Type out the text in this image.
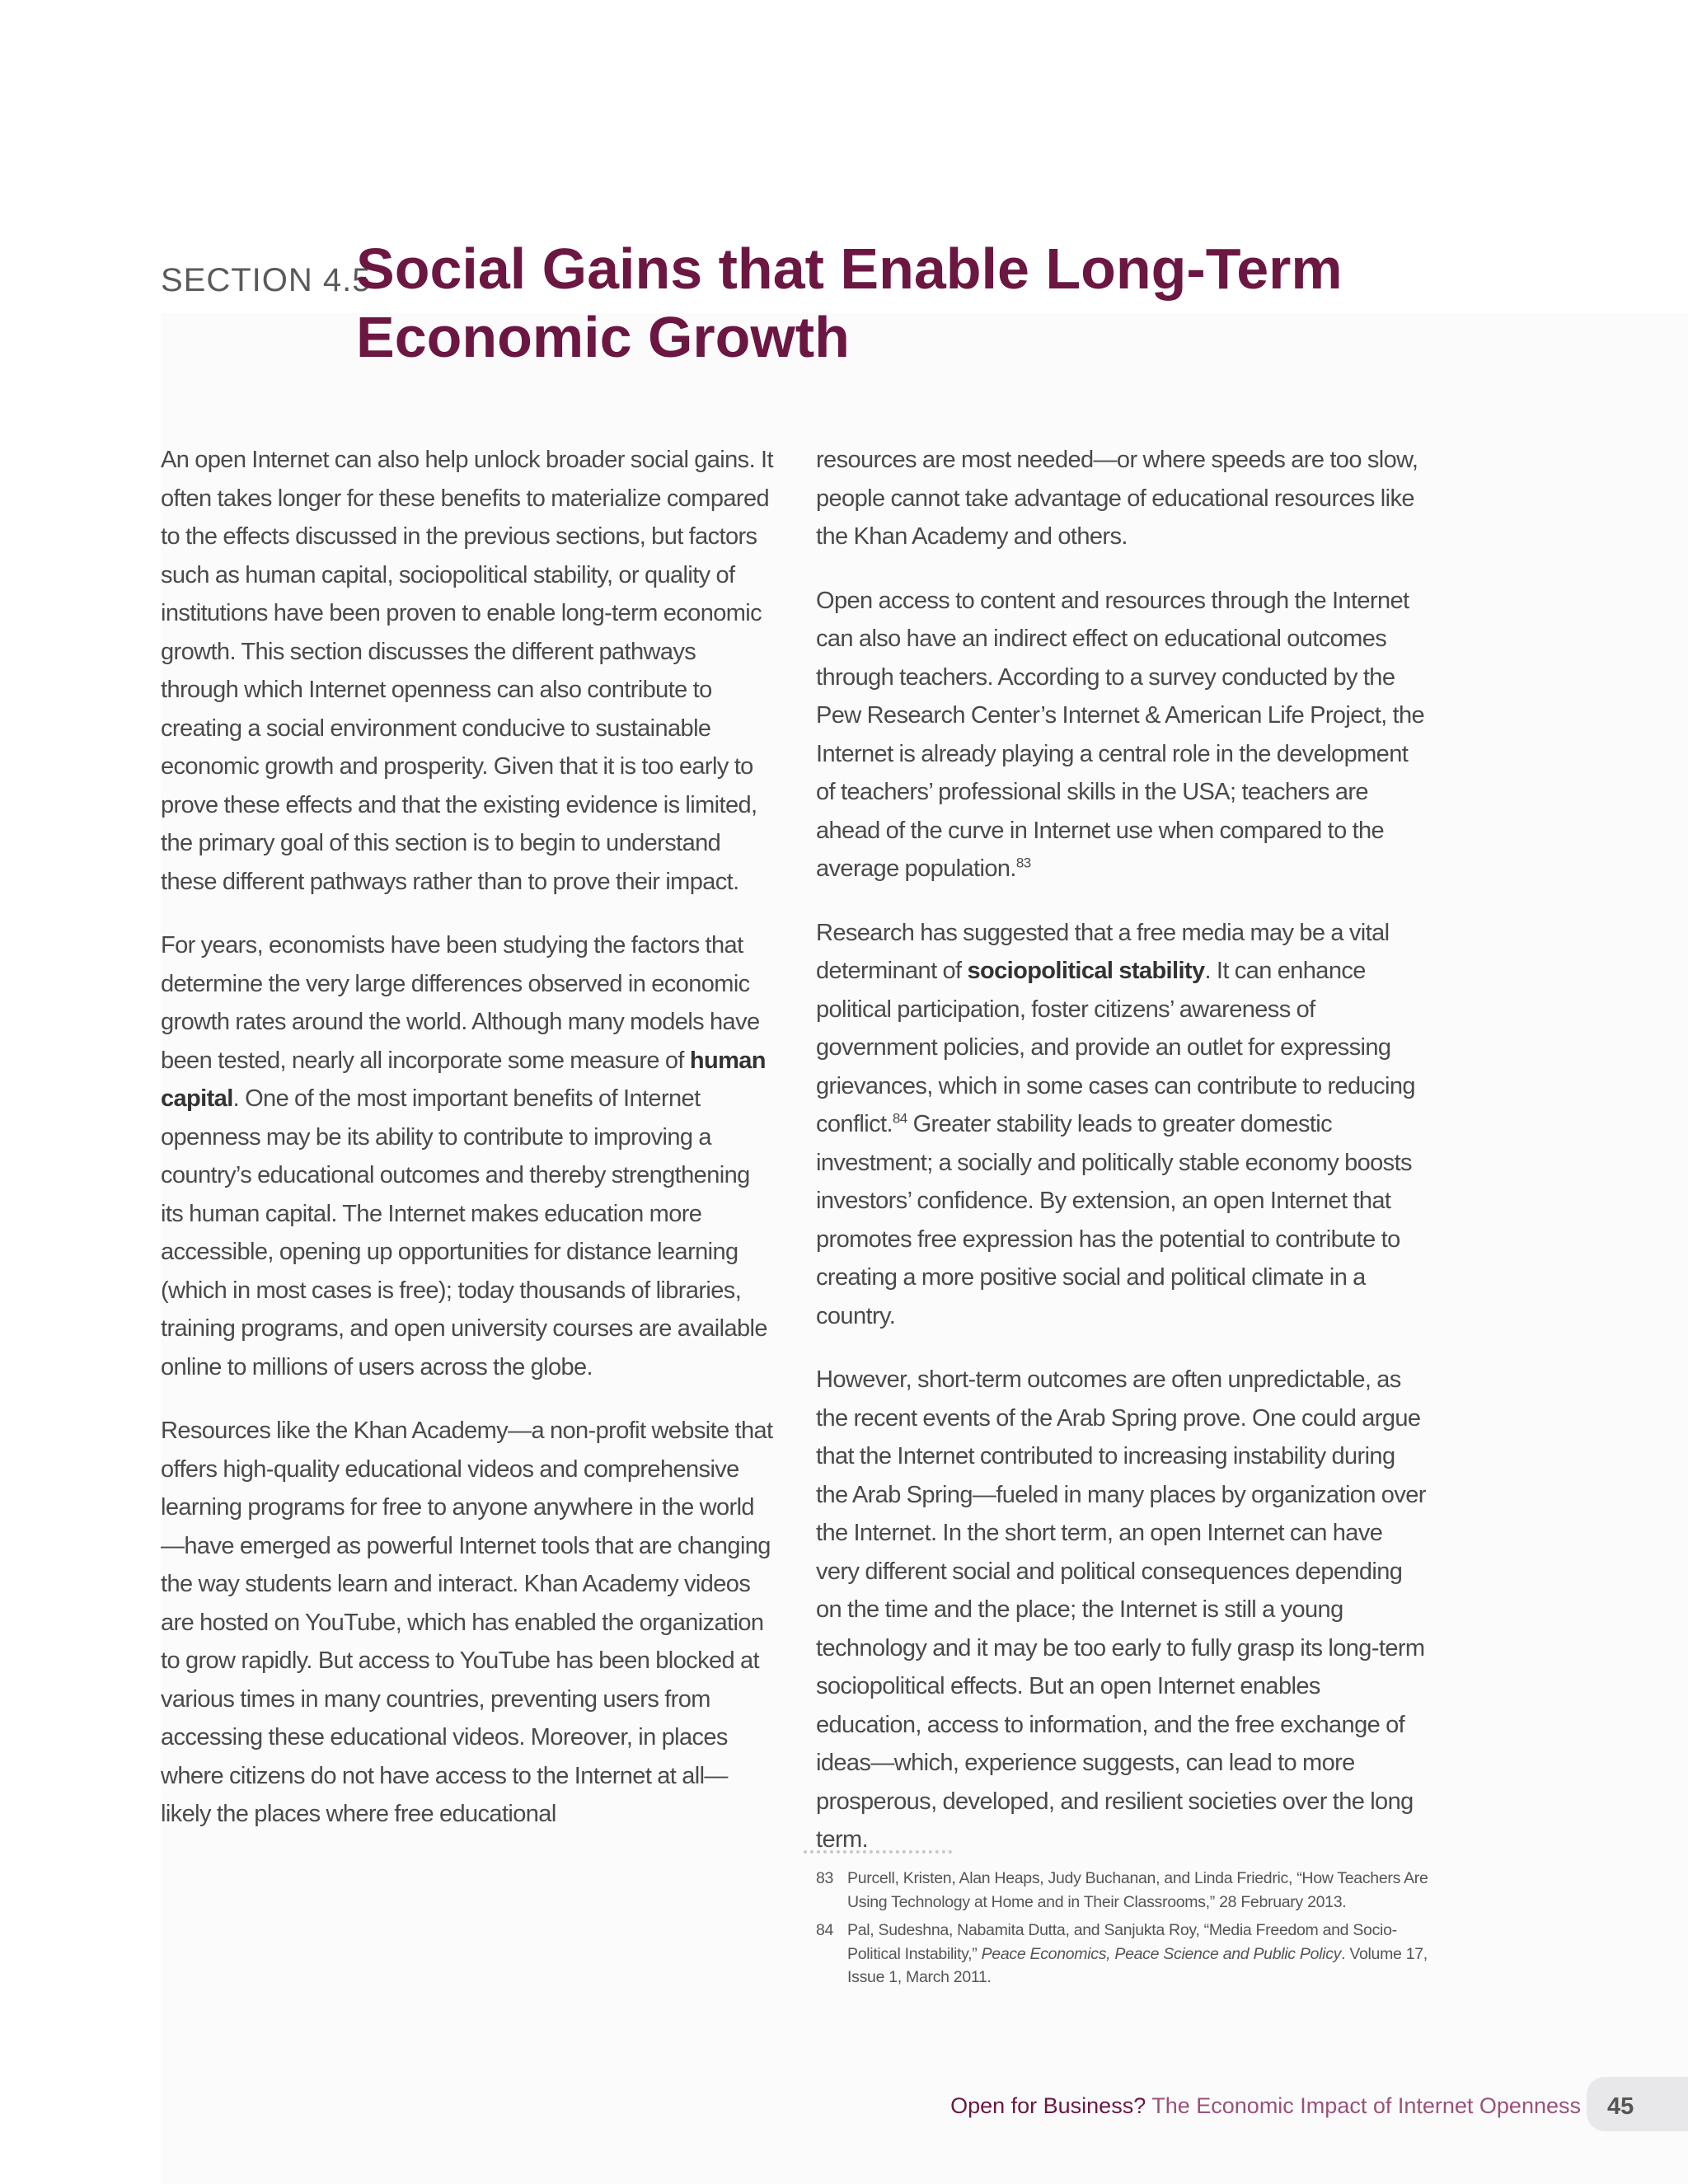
SECTION 4.5
Social Gains that Enable Long-Term
Economic Growth

An open Internet can also help unlock broader social gains. It often takes longer for these benefits to materialize compared to the effects discussed in the previous sections, but factors such as human capital, sociopolitical stability, or quality of institutions have been proven to enable long-term economic growth. This section discusses the different pathways through which Internet openness can also contribute to creating a social environment conducive to sustainable economic growth and prosperity. Given that it is too early to prove these effects and that the existing evidence is limited, the primary goal of this section is to begin to understand these different pathways rather than to prove their impact.

For years, economists have been studying the factors that determine the very large differences observed in economic growth rates around the world. Although many models have been tested, nearly all incorporate some measure of human capital. One of the most important benefits of Internet openness may be its ability to contribute to improving a country’s educational outcomes and thereby strengthening its human capital. The Internet makes education more accessible, opening up opportunities for distance learning (which in most cases is free); today thousands of libraries, training programs, and open university courses are available online to millions of users across the globe.

Resources like the Khan Academy—a non-profit website that offers high-quality educational videos and comprehensive learning programs for free to anyone anywhere in the world—have emerged as powerful Internet tools that are changing the way students learn and interact. Khan Academy videos are hosted on YouTube, which has enabled the organization to grow rapidly. But access to YouTube has been blocked at various times in many countries, preventing users from accessing these educational videos. Moreover, in places where citizens do not have access to the Internet at all—likely the places where free educational

resources are most needed—or where speeds are too slow, people cannot take advantage of educational resources like the Khan Academy and others.

Open access to content and resources through the Internet can also have an indirect effect on educational outcomes through teachers. According to a survey conducted by the Pew Research Center’s Internet & American Life Project, the Internet is already playing a central role in the development of teachers’ professional skills in the USA; teachers are ahead of the curve in Internet use when compared to the average population.$^{83}$

Research has suggested that a free media may be a vital determinant of sociopolitical stability. It can enhance political participation, foster citizens’ awareness of government policies, and provide an outlet for expressing grievances, which in some cases can contribute to reducing conflict.$^{84}$ Greater stability leads to greater domestic investment; a socially and politically stable economy boosts investors’ confidence. By extension, an open Internet that promotes free expression has the potential to contribute to creating a more positive social and political climate in a country.

However, short-term outcomes are often unpredictable, as the recent events of the Arab Spring prove. One could argue that the Internet contributed to increasing instability during the Arab Spring—fueled in many places by organization over the Internet. In the short term, an open Internet can have very different social and political consequences depending on the time and the place; the Internet is still a young technology and it may be too early to fully grasp its long-term sociopolitical effects. But an open Internet enables education, access to information, and the free exchange of ideas—which, experience suggests, can lead to more prosperous, developed, and resilient societies over the long term.

83 Purcell, Kristen, Alan Heaps, Judy Buchanan, and Linda Friedric, “How Teachers Are Using Technology at Home and in Their Classrooms,” 28 February 2013.
84 Pal, Sudeshna, Nabamita Dutta, and Sanjukta Roy, “Media Freedom and Socio-Political Instability,” Peace Economics, Peace Science and Public Policy. Volume 17, Issue 1, March 2011.
Open for Business? The Economic Impact of Internet Openness 45
